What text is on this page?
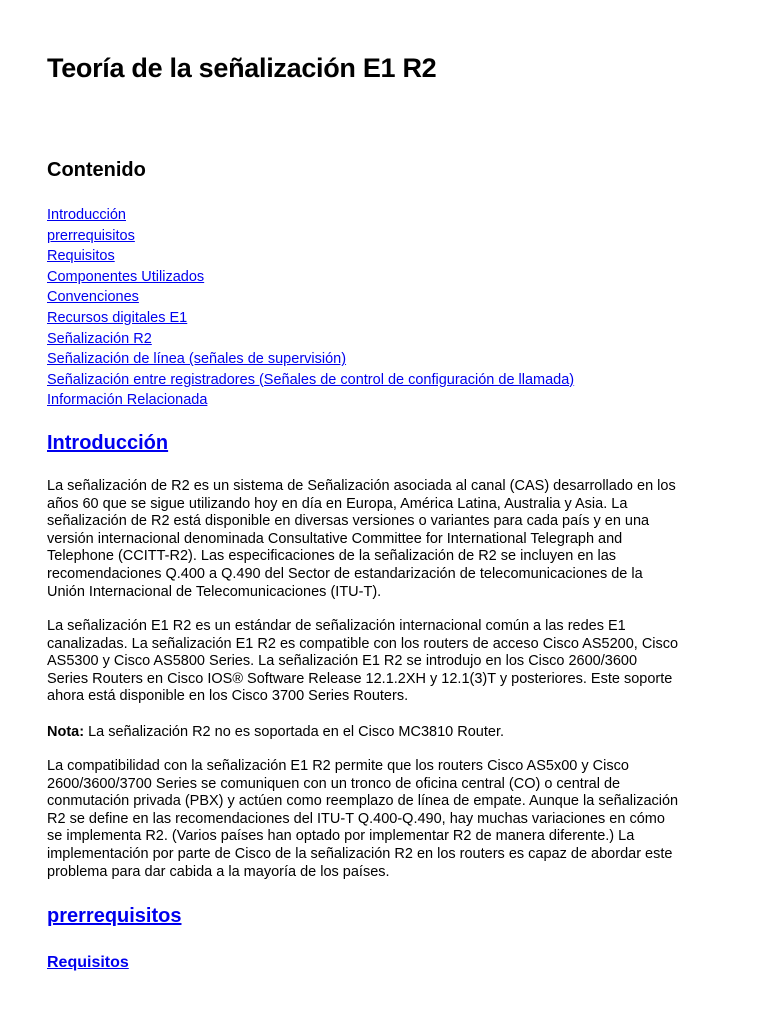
Teoría de la señalización E1 R2
Contenido
Introducción
prerrequisitos
Requisitos
Componentes Utilizados
Convenciones
Recursos digitales E1
Señalización R2
Señalización de línea (señales de supervisión)
Señalización entre registradores (Señales de control de configuración de llamada)
Información Relacionada
Introducción

La señalización de R2 es un sistema de Señalización asociada al canal (CAS) desarrollado en los
años 60 que se sigue utilizando hoy en día en Europa, América Latina, Australia y Asia. La
señalización de R2 está disponible en diversas versiones o variantes para cada país y en una
versión internacional denominada Consultative Committee for International Telegraph and
Telephone (CCITT-R2). Las especificaciones de la señalización de R2 se incluyen en las
recomendaciones Q.400 a Q.490 del Sector de estandarización de telecomunicaciones de la
Unión Internacional de Telecomunicaciones (ITU-T).

La señalización E1 R2 es un estándar de señalización internacional común a las redes E1
canalizadas. La señalización E1 R2 es compatible con los routers de acceso Cisco AS5200, Cisco
AS5300 y Cisco AS5800 Series. La señalización E1 R2 se introdujo en los Cisco 2600/3600
Series Routers en Cisco IOS® Software Release 12.1.2XH y 12.1(3)T y posteriores. Este soporte
ahora está disponible en los Cisco 3700 Series Routers.

Nota: La señalización R2 no es soportada en el Cisco MC3810 Router.

La compatibilidad con la señalización E1 R2 permite que los routers Cisco AS5x00 y Cisco
2600/3600/3700 Series se comuniquen con un tronco de oficina central (CO) o central de
conmutación privada (PBX) y actúen como reemplazo de línea de empate. Aunque la señalización
R2 se define en las recomendaciones del ITU-T Q.400-Q.490, hay muchas variaciones en cómo
se implementa R2. (Varios países han optado por implementar R2 de manera diferente.) La
implementación por parte de Cisco de la señalización R2 en los routers es capaz de abordar este
problema para dar cabida a la mayoría de los países.

prerrequisitos
Requisitos
